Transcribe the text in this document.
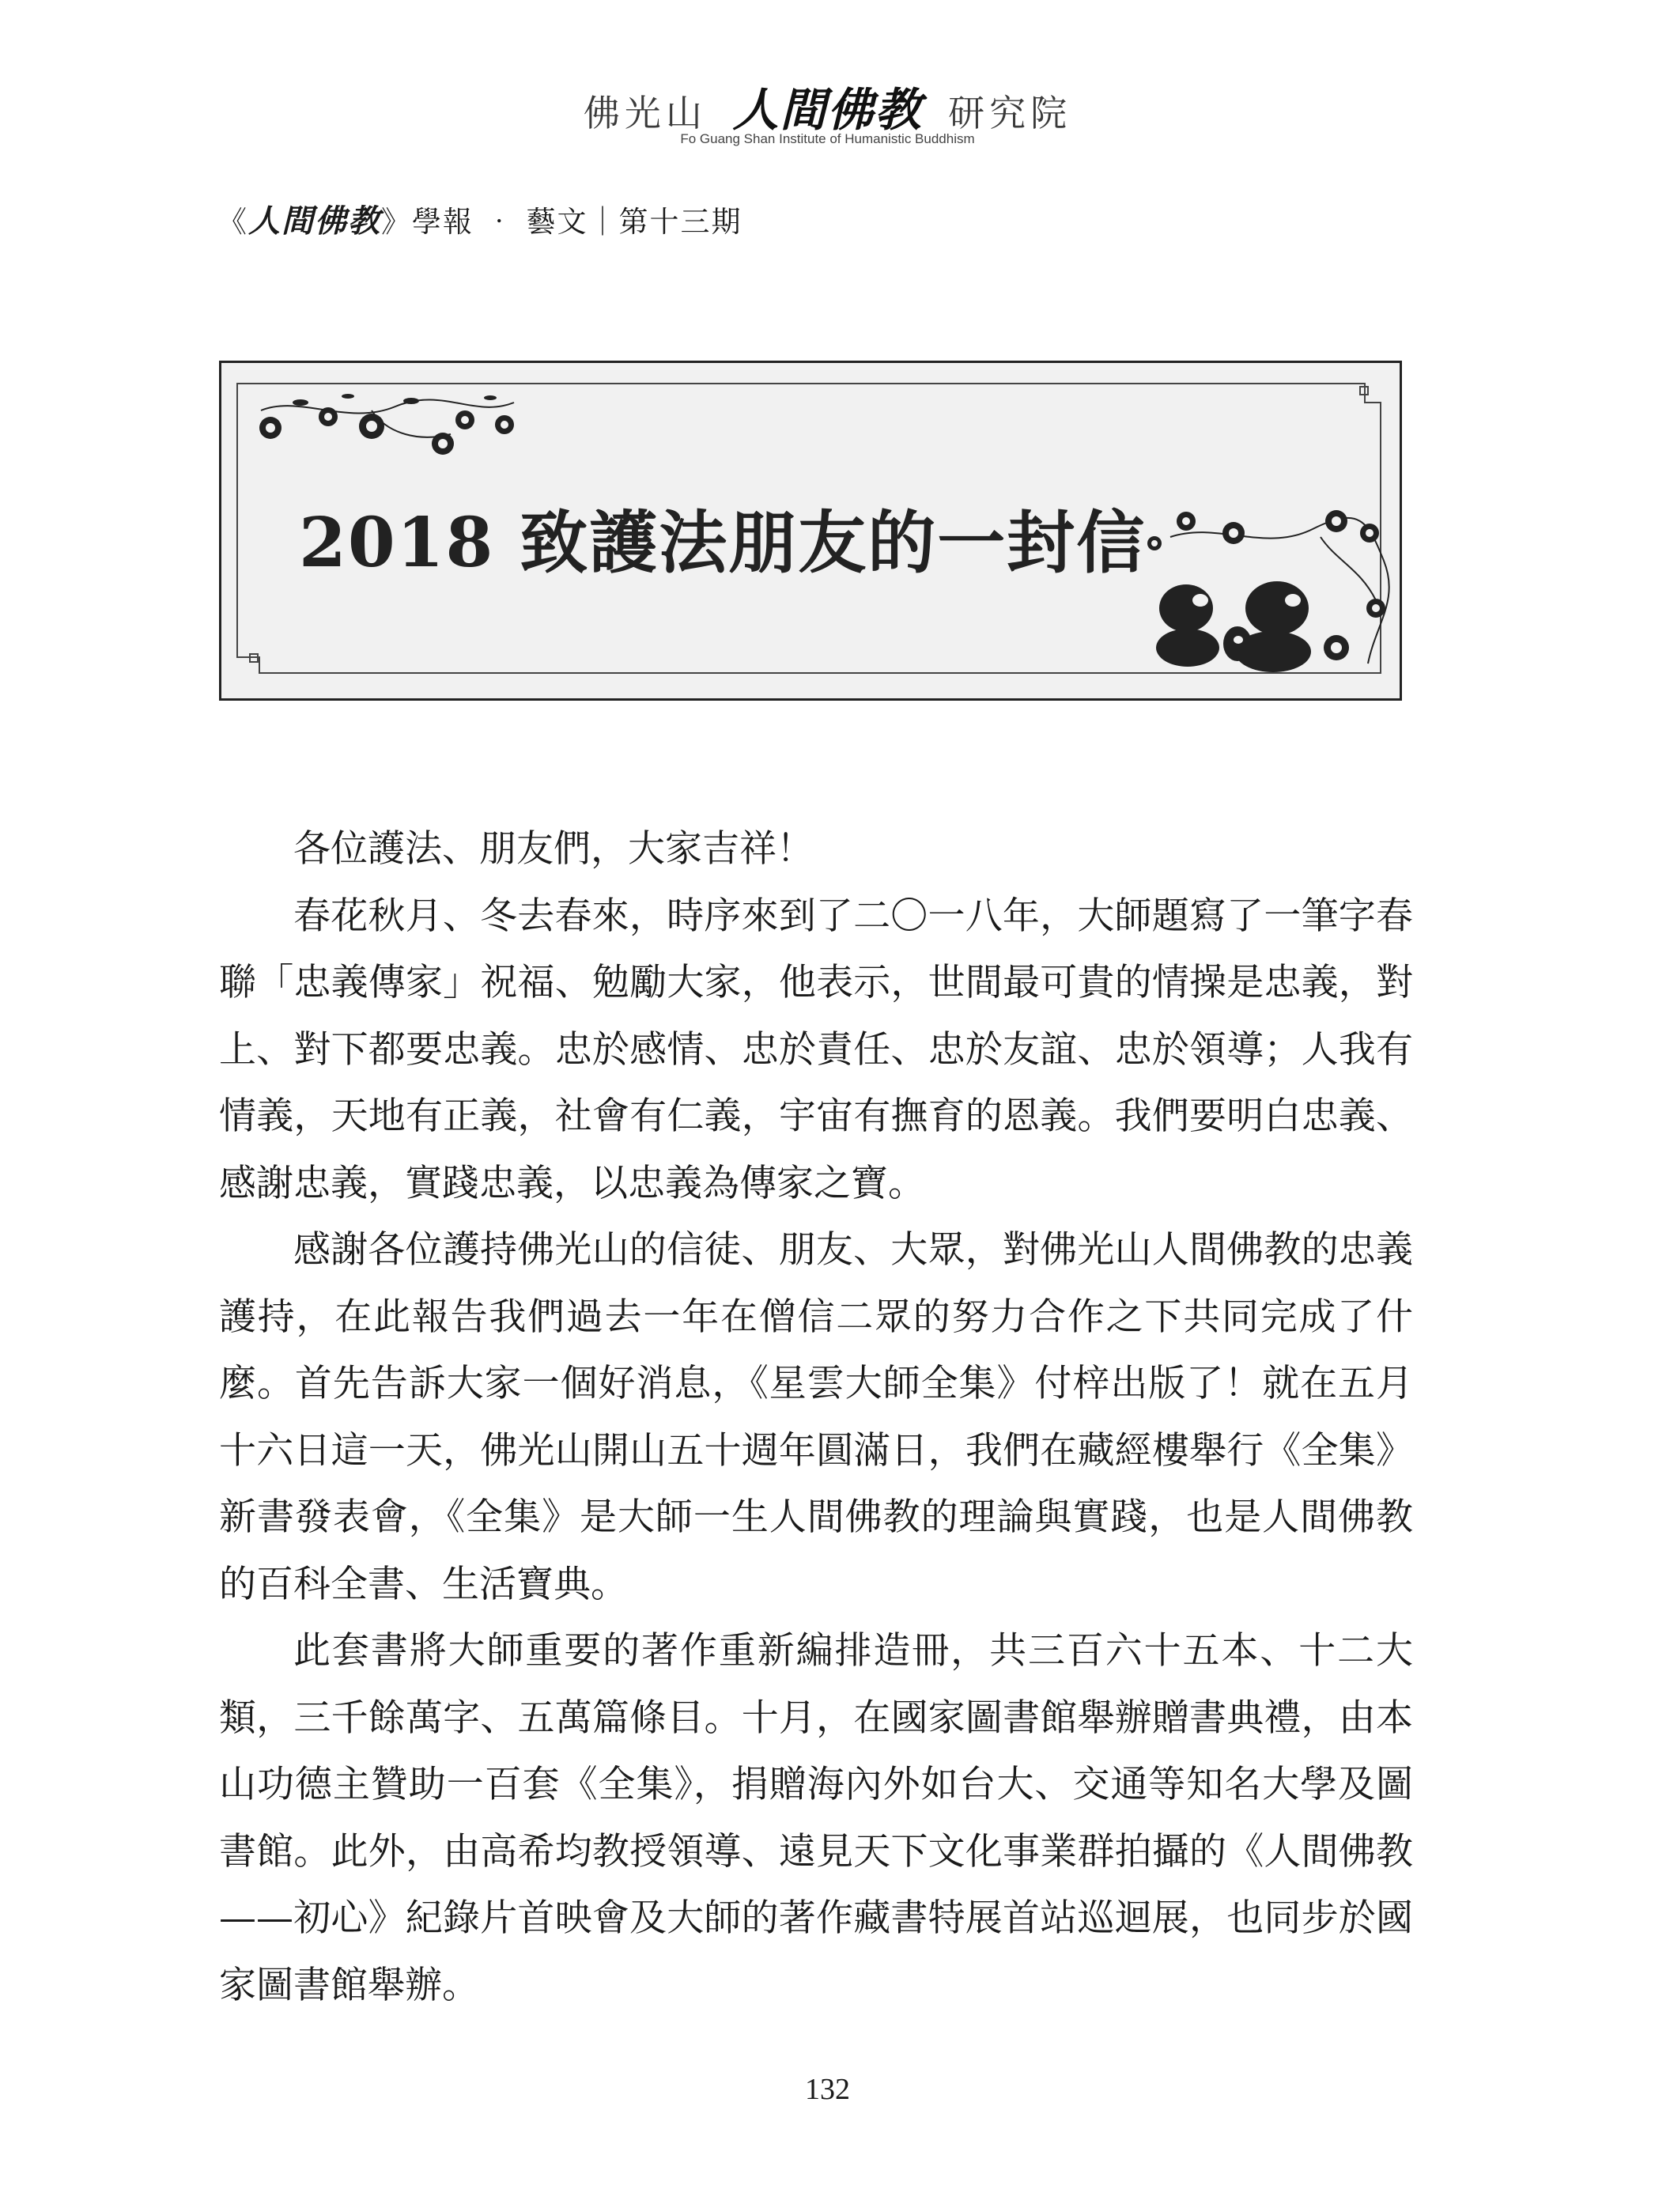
佛光山 人間佛教 研究院
Fo Guang Shan Institute of Humanistic Buddhism
《人間佛教》學報 ‧ 藝文｜第十三期
2018 致護法朋友的一封信

各位護法、朋友們，大家吉祥！

春花秋月、冬去春來，時序來到了二〇一八年，大師題寫了一筆字春聯「忠義傳家」祝福、勉勵大家，他表示，世間最可貴的情操是忠義，對上、對下都要忠義。忠於感情、忠於責任、忠於友誼、忠於領導；人我有情義，天地有正義，社會有仁義，宇宙有撫育的恩義。我們要明白忠義、感謝忠義，實踐忠義，以忠義為傳家之寶。

感謝各位護持佛光山的信徒、朋友、大眾，對佛光山人間佛教的忠義護持，在此報告我們過去一年在僧信二眾的努力合作之下共同完成了什麼。首先告訴大家一個好消息，《星雲大師全集》付梓出版了！就在五月十六日這一天，佛光山開山五十週年圓滿日，我們在藏經樓舉行《全集》新書發表會，《全集》是大師一生人間佛教的理論與實踐，也是人間佛教的百科全書、生活寶典。

此套書將大師重要的著作重新編排造冊，共三百六十五本、十二大類，三千餘萬字、五萬篇條目。十月，在國家圖書館舉辦贈書典禮，由本山功德主贊助一百套《全集》，捐贈海內外如台大、交通等知名大學及圖書館。此外，由高希均教授領導、遠見天下文化事業群拍攝的《人間佛教——初心》紀錄片首映會及大師的著作藏書特展首站巡迴展，也同步於國家圖書館舉辦。

132
